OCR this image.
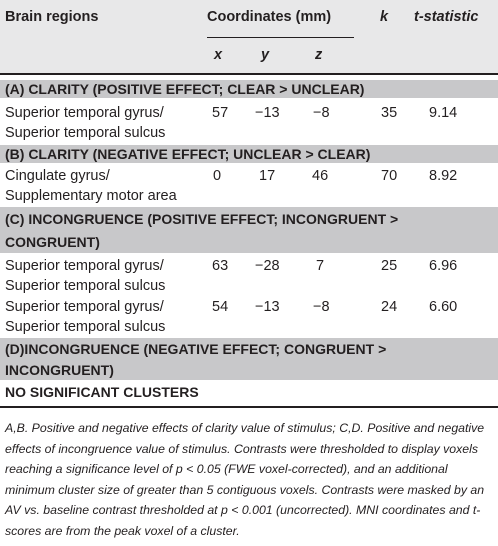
Brain regions	Coordinates (mm)	k t-statistic
x	y	z
(A) CLARITY (POSITIVE EFFECT; CLEAR > UNCLEAR)
Superior temporal gyrus/
Superior temporal sulcus
57 −13 −8	35 9.14
(B) CLARITY (NEGATIVE EFFECT; UNCLEAR > CLEAR)
Cingulate gyrus/
Supplementary motor area
0	17	46	70 8.92
(C) INCONGRUENCE (POSITIVE EFFECT; INCONGRUENT >
CONGRUENT)
Superior temporal gyrus/
Superior temporal sulcus
63 −28	7	25 6.96
Superior temporal gyrus/
Superior temporal sulcus
54 −13 −8	24 6.60
(D)INCONGRUENCE (NEGATIVE EFFECT; CONGRUENT >
INCONGRUENT)
NO SIGNIFICANT CLUSTERS
A,B. Positive and negative effects of clarity value of stimulus; C,D. Positive and negative effects of incongruence value of stimulus. Contrasts were thresholded to display voxels reaching a significance level of p < 0.05 (FWE voxel-corrected), and an additional minimum cluster size of greater than 5 contiguous voxels. Contrasts were masked by an AV vs. baseline contrast thresholded at p < 0.001 (uncorrected). MNI coordinates and t-scores are from the peak voxel of a cluster.
